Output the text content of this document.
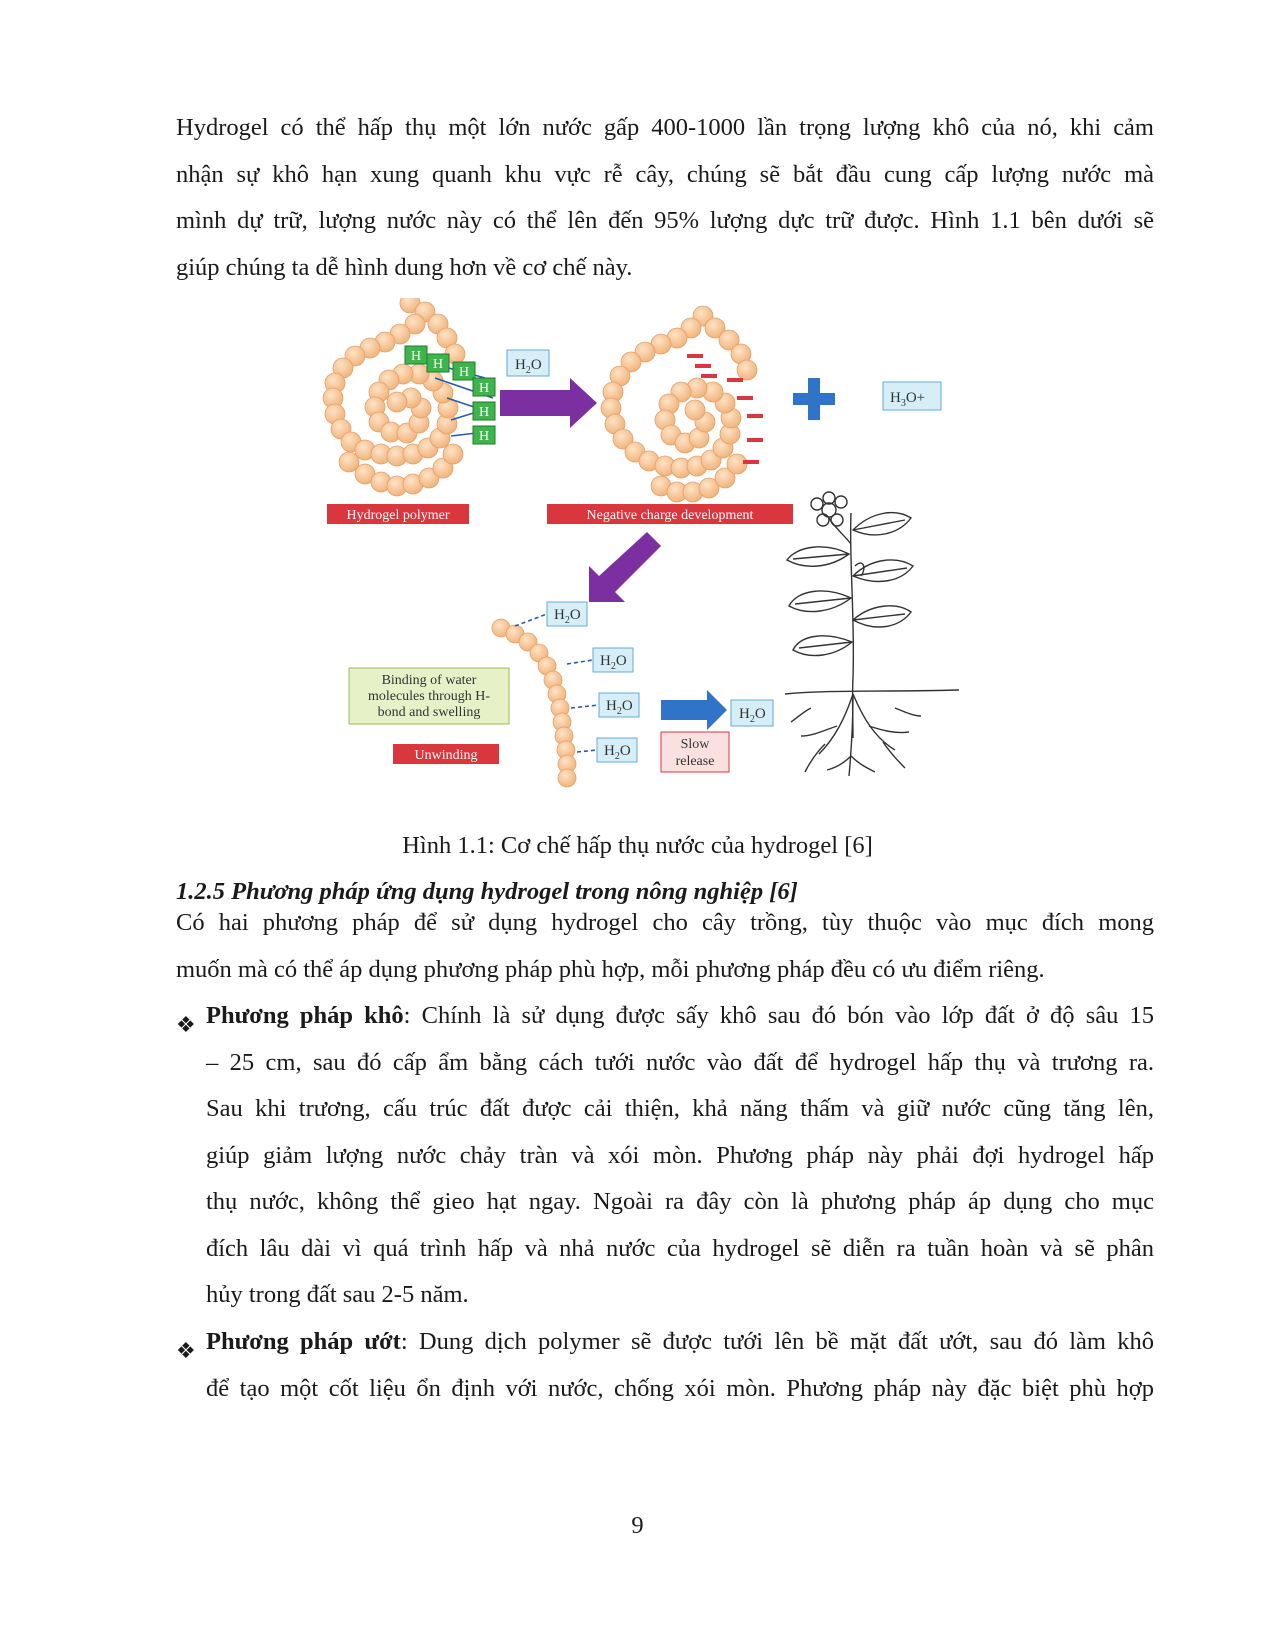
Hydrogel có thể hấp thụ một lớn nước gấp 400-1000 lần trọng lượng khô của nó, khi cảm
nhận sự khô hạn xung quanh khu vực rễ cây, chúng sẽ bắt đầu cung cấp lượng nước mà
mình dự trữ, lượng nước này có thể lên đến 95% lượng dực trữ được. Hình 1.1 bên dưới sẽ
giúp chúng ta dễ hình dung hơn về cơ chế này.
H
H
H
H
H
H
$H_2O$
$H_3O+$
Hydrogel polymer	Negative charge development
$H_2O$
$H_2O$
$H_2O$
$H_2O$
Binding of water
molecules through H-
bond and swelling
Unwinding
Slow
release
$H_2O$
Hình 1.1: Cơ chế hấp thụ nước của hydrogel [6]
1.2.5 Phương pháp ứng dụng hydrogel trong nông nghiệp [6]
Có hai phương pháp để sử dụng hydrogel cho cây trồng, tùy thuộc vào mục đích mong
muốn mà có thể áp dụng phương pháp phù hợp, mỗi phương pháp đều có ưu điểm riêng.
❖ Phương pháp khô: Chính là sử dụng được sấy khô sau đó bón vào lớp đất ở độ sâu 15
– 25 cm, sau đó cấp ẩm bằng cách tưới nước vào đất để hydrogel hấp thụ và trương ra.
Sau khi trương, cấu trúc đất được cải thiện, khả năng thấm và giữ nước cũng tăng lên,
giúp giảm lượng nước chảy tràn và xói mòn. Phương pháp này phải đợi hydrogel hấp
thụ nước, không thể gieo hạt ngay. Ngoài ra đây còn là phương pháp áp dụng cho mục
đích lâu dài vì quá trình hấp và nhả nước của hydrogel sẽ diễn ra tuần hoàn và sẽ phân
hủy trong đất sau 2-5 năm.
❖ Phương pháp ướt: Dung dịch polymer sẽ được tưới lên bề mặt đất ướt, sau đó làm khô
để tạo một cốt liệu ổn định với nước, chống xói mòn. Phương pháp này đặc biệt phù hợp
9
